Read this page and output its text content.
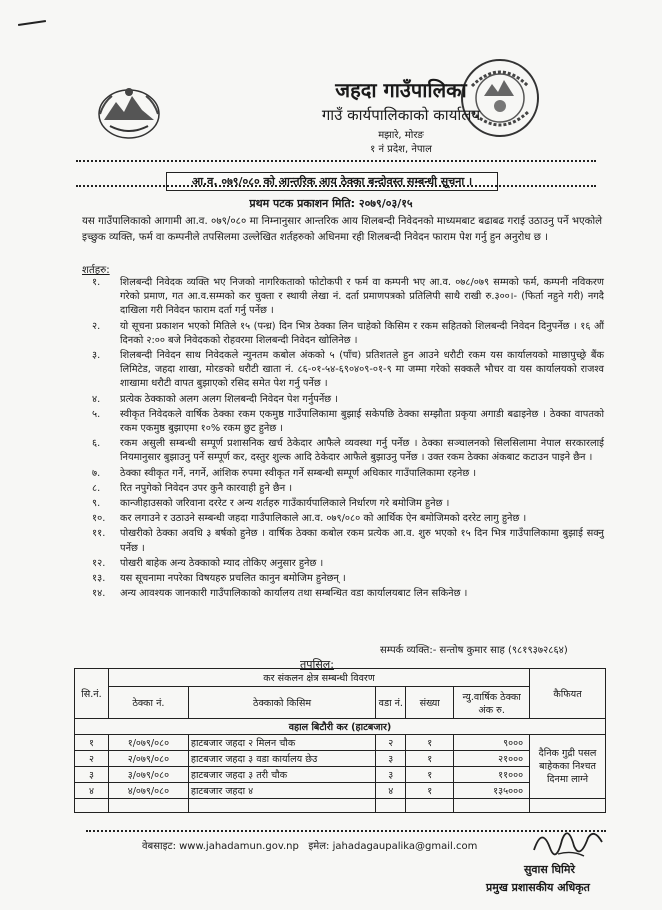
जहदा गाउँपालिका
गाउँ कार्यपालिकाको कार्यालय
मझारे, मोरङ
१ नं प्रदेश, नेपाल
आ.व. ०७९/०८० को आन्तरिक आय ठेक्का बन्दोवस्त सम्बन्धी सूचना ।
प्रथम पटक प्रकाशन मिति: २०७९/०३/१५
यस गाउँपालिकाको आगामी आ.व. ०७९/०८० मा निम्नानुसार आन्तरिक आय शिलबन्दी निवेदनको माध्यमबाट बढाबढ गराई उठाउनु पर्ने भएकोले इच्छुक व्यक्ति, फर्म वा कम्पनीले तपसिलमा उल्लेखित शर्तहरुको अधिनमा रही शिलबन्दी निवेदन फाराम पेश गर्नु हुन अनुरोध छ ।
शर्तहरु:
१.	शिलबन्दी निवेदक व्यक्ति भए निजको नागरिकताको फोटोकपी र फर्म वा कम्पनी भए आ.व. ०७८/०७९ सम्मको फर्म, कम्पनी नविकरण गरेको प्रमाण, गत आ.व.सम्मको कर चुक्ता र स्थायी लेखा नं. दर्ता प्रमाणपत्रको प्रतिलिपी साथै राखी रु.३००।- (फिर्ता नहुने गरी) नगदै दाखिला गरी निवेदन फाराम दर्ता गर्नु पर्नेछ ।
२.	यो सूचना प्रकाशन भएको मितिले १५ (पन्ध्र) दिन भित्र ठेक्का लिन चाहेको किसिम र रकम सहितको शिलबन्दी निवेदन दिनुपर्नेछ । १६ औं दिनको २:०० बजे निवेदकको रोहवरमा शिलबन्दी निवेदन खोलिनेछ ।
३.	शिलबन्दी निवेदन साथ निवेदकले न्युनतम कबोल अंकको ५ (पाँच) प्रतिशतले हुन आउने धरौटी रकम यस कार्यालयको माछापुच्छ्रे बैंक लिमिटेड, जहदा शाखा, मोरङको धरौटी खाता नं. ८६-०१-५४-६९०४०९-०१-९ मा जम्मा गरेको सक्कलै भौचर वा यस कार्यालयको राजश्व शाखामा धरौटी वापत बुझाएको रसिद समेत पेश गर्नु पर्नेछ ।
४.	प्रत्येक ठेक्काको अलग अलग शिलबन्दी निवेदन पेश गर्नुपर्नेछ ।
५.	स्वीकृत निवेदकले वार्षिक ठेक्का रकम एकमुष्ठ गाउँपालिकामा बुझाई सकेपछि ठेक्का सम्झौता प्रकृया अगाडी बढाइनेछ । ठेक्का वापतको रकम एकमुष्ठ बुझाएमा १०% रकम छुट हुनेछ ।
६.	रकम असुली सम्बन्धी सम्पूर्ण प्रशासनिक खर्च ठेकेदार आफैले व्यवस्था गर्नु पर्नेछ । ठेक्का सञ्चालनको सिलसिलामा नेपाल सरकारलाई नियमानुसार बुझाउनु पर्ने सम्पूर्ण कर, दस्तुर शुल्क आदि ठेकेदार आफैले बुझाउनु पर्नेछ । उक्त रकम ठेक्का अंकबाट कटाउन पाइने छैन ।
७.	ठेक्का स्वीकृत गर्ने, नगर्ने, आंशिक रुपमा स्वीकृत गर्ने सम्बन्धी सम्पूर्ण अधिकार गाउँपालिकामा रहनेछ ।
८.	रित नपुगेको निवेदन उपर कुनै कारवाही हुने छैन ।
९.	कान्जीहाउसको जरिवाना दररेट र अन्य शर्तहरु गाउँकार्यपालिकाले निर्धारण गरे बमोजिम हुनेछ ।
१०.	कर लगाउने र उठाउने सम्बन्धी जहदा गाउँपालिकाले आ.व. ०७९/०८० को आर्थिक ऐन बमोजिमको दररेट लागु हुनेछ ।
११.	पोखरीको ठेक्का अवधि ३ बर्षको हुनेछ । वार्षिक ठेक्का कबोल रकम प्रत्येक आ.व. शुरु भएको १५ दिन भित्र गाउँपालिकामा बुझाई सक्नु पर्नेछ ।
१२.	पोखरी बाहेक अन्य ठेक्काको म्याद तोकिए अनुसार हुनेछ ।
१३.	यस सूचनामा नपरेका विषयहरु प्रचलित कानुन बमोजिम हुनेछन् ।
१४.	अन्य आवश्यक जानकारी गाउँपालिकाको कार्यालय तथा सम्बन्धित वडा कार्यालयबाट लिन सकिनेछ ।
सम्पर्क व्यक्ति:- सन्तोष कुमार साह (९८१९३७२८६४)
तपसिल:
सि.नं.	कर संकलन क्षेत्र सम्बन्धी विवरण					कैफियत
	ठेक्का नं.	ठेक्काको किसिम	वडा नं.	संख्या	न्यु.वार्षिक ठेक्का अंक रु.	
वहाल बिटौरी कर (हाटबजार)						
१	१/०७९/०८०	हाटबजार जहदा २ मिलन चौक	२	१	९०००	दैनिक गुद्री पसल बाहेकका निश्चत दिनमा लाग्ने
२	२/०७९/०८०	हाटबजार जहदा ३ वडा कार्यालय छेउ	३	१	२१०००	
३	३/०७९/०८०	हाटबजार जहदा ३ तरी चौक	३	१	११०००	
४	४/०७९/०८०	हाटबजार जहदा ४	४	१	१३५०००	

वेबसाइट: www.jahadamun.gov.np इमेल: jahadagaupalika@gmail.com
सुवास घिमिरे
प्रमुख प्रशासकीय अधिकृत
